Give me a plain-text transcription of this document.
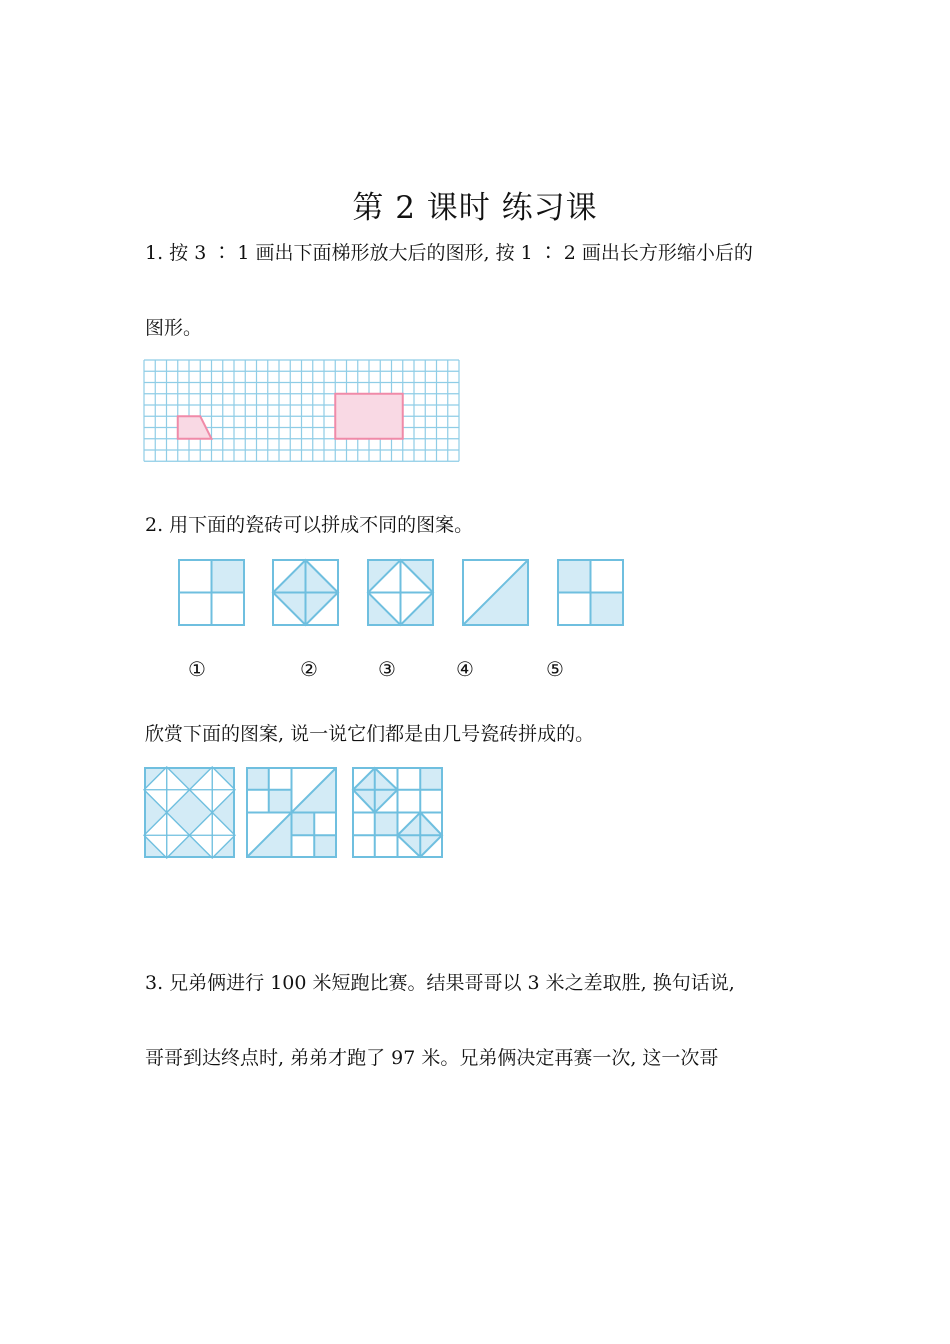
第 2 课时 练习课
1. 按 3 ∶ 1 画出下面梯形放大后的图形, 按 1 ∶ 2 画出长方形缩小后的
图形。
2. 用下面的瓷砖可以拼成不同的图案。
①	②	③	④	⑤
欣赏下面的图案, 说一说它们都是由几号瓷砖拼成的。
3. 兄弟俩进行 100 米短跑比赛。结果哥哥以 3 米之差取胜, 换句话说,
哥哥到达终点时, 弟弟才跑了 97 米。兄弟俩决定再赛一次, 这一次哥
